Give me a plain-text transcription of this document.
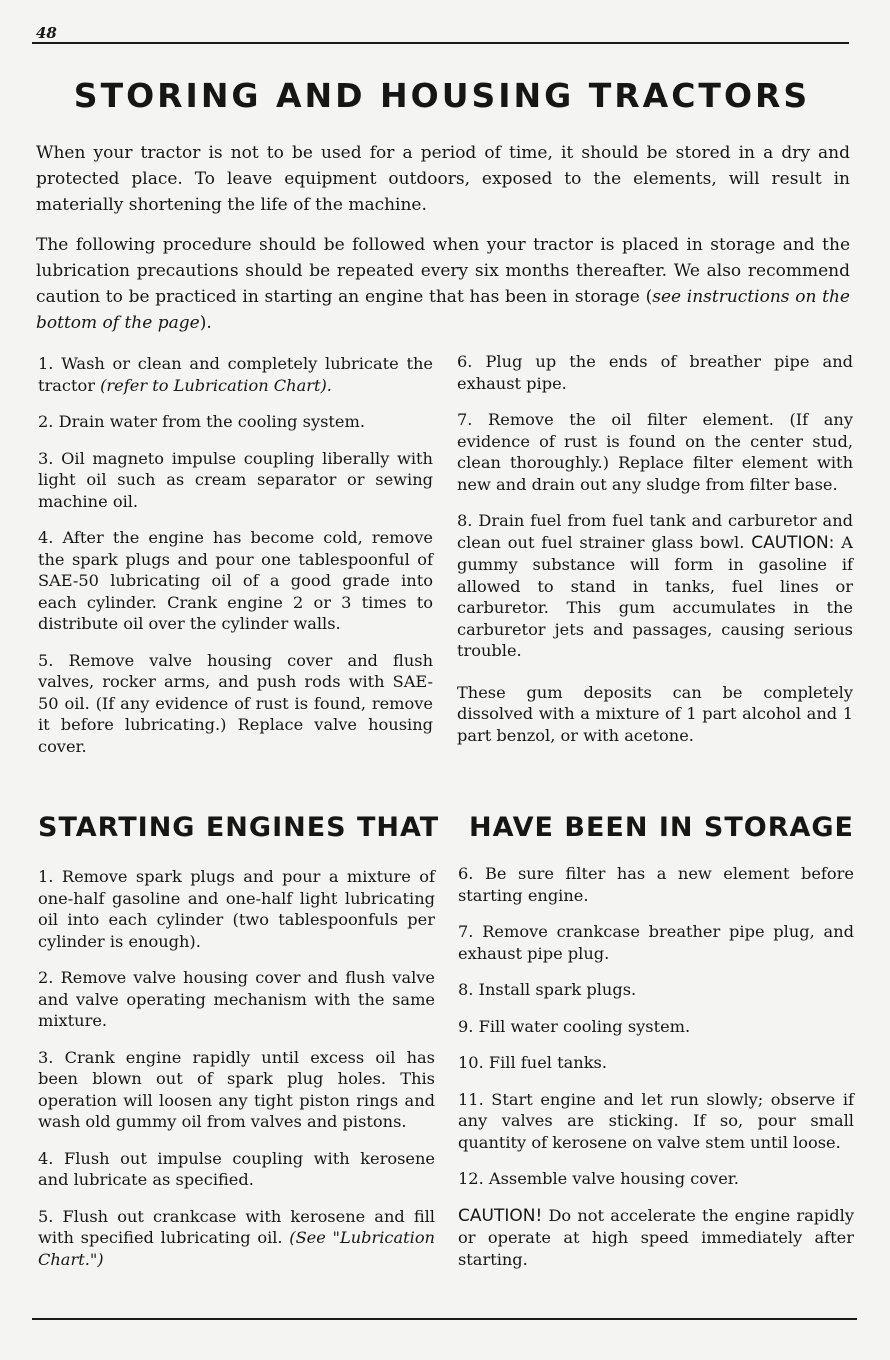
48
STORING AND HOUSING TRACTORS

When your tractor is not to be used for a period of time, it should be stored in a dry and protected place. To leave equipment outdoors, exposed to the elements, will result in materially shortening the life of the machine.

The following procedure should be followed when your tractor is placed in storage and the lubrication precautions should be repeated every six months thereafter. We also recommend caution to be practiced in starting an engine that has been in storage (see instructions on the bottom of the page).

1. Wash or clean and completely lubricate the tractor (refer to Lubrication Chart).

2. Drain water from the cooling system.

3. Oil magneto impulse coupling liberally with light oil such as cream separator or sewing machine oil.

4. After the engine has become cold, remove the spark plugs and pour one tablespoonful of SAE-50 lubricating oil of a good grade into each cylinder. Crank engine 2 or 3 times to distribute oil over the cylinder walls.

5. Remove valve housing cover and flush valves, rocker arms, and push rods with SAE-50 oil. (If any evidence of rust is found, remove it before lubricating.) Replace valve housing cover.

6. Plug up the ends of breather pipe and exhaust pipe.

7. Remove the oil filter element. (If any evidence of rust is found on the center stud, clean thoroughly.) Replace filter element with new and drain out any sludge from filter base.

8. Drain fuel from fuel tank and carburetor and clean out fuel strainer glass bowl. CAUTION: A gummy substance will form in gasoline if allowed to stand in tanks, fuel lines or carburetor. This gum accumulates in the carburetor jets and passages, causing serious trouble.

These gum deposits can be completely dissolved with a mixture of 1 part alcohol and 1 part benzol, or with acetone.

STARTING ENGINES THAT HAVE BEEN IN STORAGE

1. Remove spark plugs and pour a mixture of one-half gasoline and one-half light lubricating oil into each cylinder (two tablespoonfuls per cylinder is enough).

2. Remove valve housing cover and flush valve and valve operating mechanism with the same mixture.

3. Crank engine rapidly until excess oil has been blown out of spark plug holes. This operation will loosen any tight piston rings and wash old gummy oil from valves and pistons.

4. Flush out impulse coupling with kerosene and lubricate as specified.

5. Flush out crankcase with kerosene and fill with specified lubricating oil. (See "Lubrication Chart.")

6. Be sure filter has a new element before starting engine.

7. Remove crankcase breather pipe plug, and exhaust pipe plug.

8. Install spark plugs.

9. Fill water cooling system.

10. Fill fuel tanks.

11. Start engine and let run slowly; observe if any valves are sticking. If so, pour small quantity of kerosene on valve stem until loose.

12. Assemble valve housing cover.

CAUTION! Do not accelerate the engine rapidly or operate at high speed immediately after starting.
